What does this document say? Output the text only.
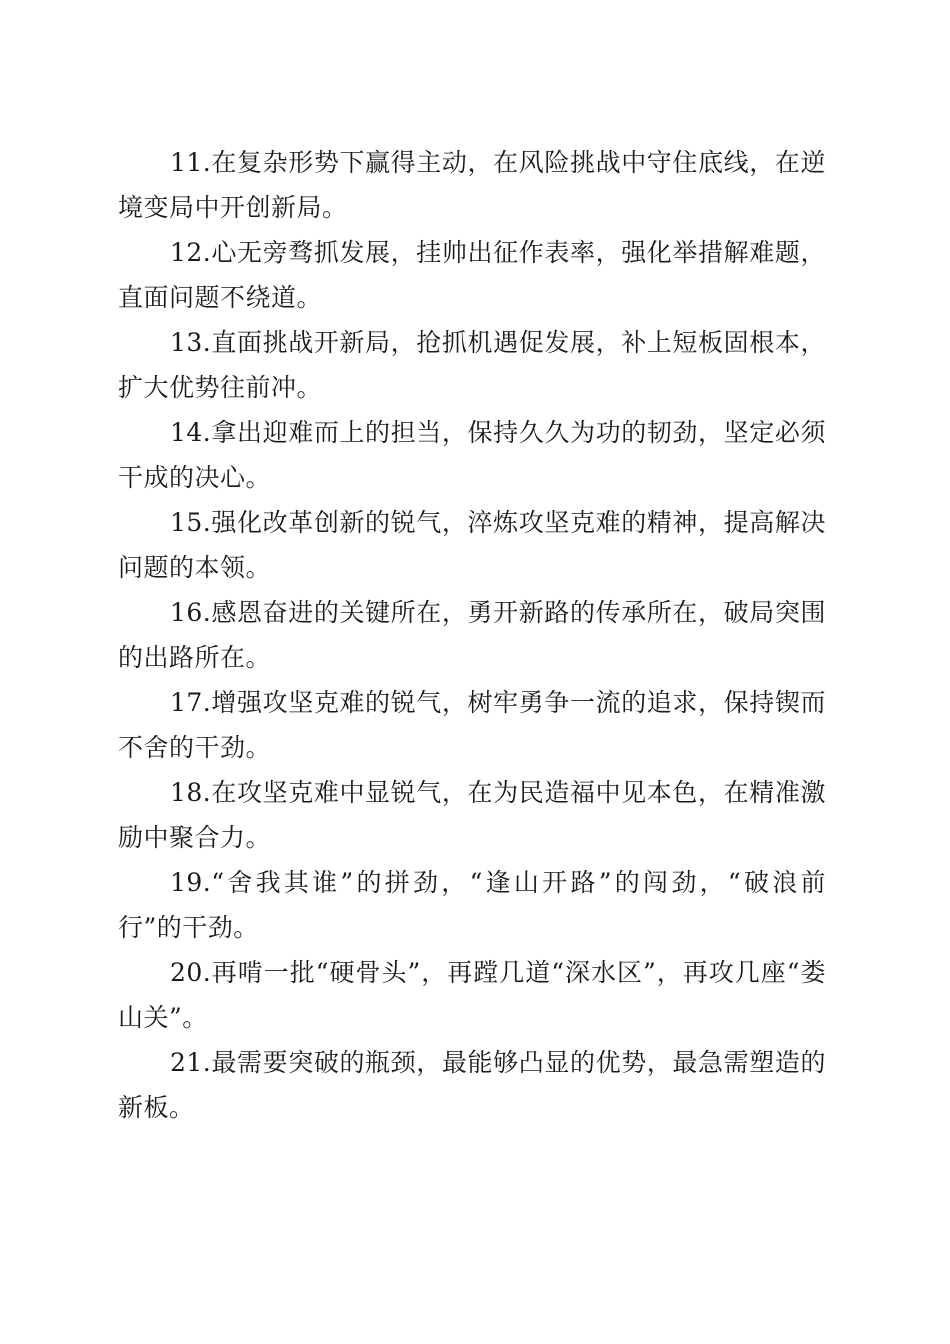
11.在复杂形势下赢得主动，在风险挑战中守住底线，在逆境变局中开创新局。

12.心无旁骛抓发展，挂帅出征作表率，强化举措解难题，直面问题不绕道。

13.直面挑战开新局，抢抓机遇促发展，补上短板固根本，扩大优势往前冲。

14.拿出迎难而上的担当，保持久久为功的韧劲，坚定必须干成的决心。

15.强化改革创新的锐气，淬炼攻坚克难的精神，提高解决问题的本领。

16.感恩奋进的关键所在，勇开新路的传承所在，破局突围的出路所在。

17.增强攻坚克难的锐气，树牢勇争一流的追求，保持锲而不舍的干劲。

18.在攻坚克难中显锐气，在为民造福中见本色，在精准激励中聚合力。

19.“舍我其谁”的拼劲，“逢山开路”的闯劲，“破浪前行”的干劲。

20.再啃一批“硬骨头”，再蹚几道“深水区”，再攻几座“娄山关”。

21.最需要突破的瓶颈，最能够凸显的优势，最急需塑造的新板。
